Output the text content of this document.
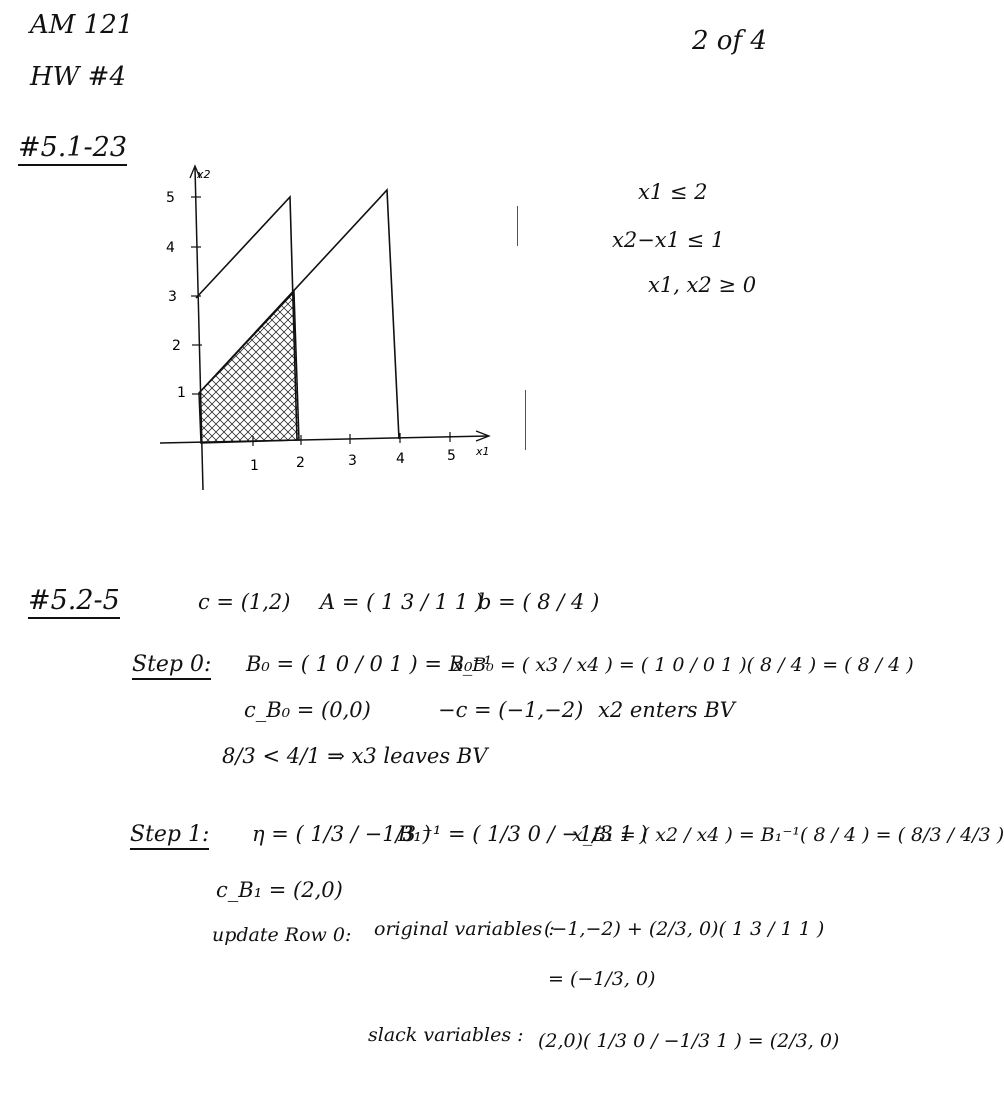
AM 121
HW #4
2 of 4
#5.1-23
5
4
3
2
1
1	2	3	4	5
x2
x1
x1 ≤ 2
x2−x1 ≤ 1
x1, x2 ≥ 0
#5.2-5	c = (1,2) A = ( 1 3 / 1 1 )
b = ( 8 / 4 )
Step 0: B₀ = ( 1 0 / 0 1 ) = B₀⁻¹
x_B₀ = ( x3 / x4 ) = ( 1 0 / 0 1 )( 8 / 4 ) = ( 8 / 4 )
c_B₀ = (0,0)	−c = (−1,−2) x2 enters BV
8/3 < 4/1 ⇒ x3 leaves BV
Step 1: η = ( 1/3 / −1/3 )
B₁⁻¹ = ( 1/3 0 / −1/3 1 )
x_B₁ = ( x2 / x4 ) = B₁⁻¹( 8 / 4 ) = ( 8/3 / 4/3 )
c_B₁ = (2,0)
update Row 0: original variables :
(−1,−2) + (2/3, 0)( 1 3 / 1 1 )
= (−1/3, 0)
slack variables : (2,0)( 1/3 0 / −1/3 1 ) = (2/3, 0)
